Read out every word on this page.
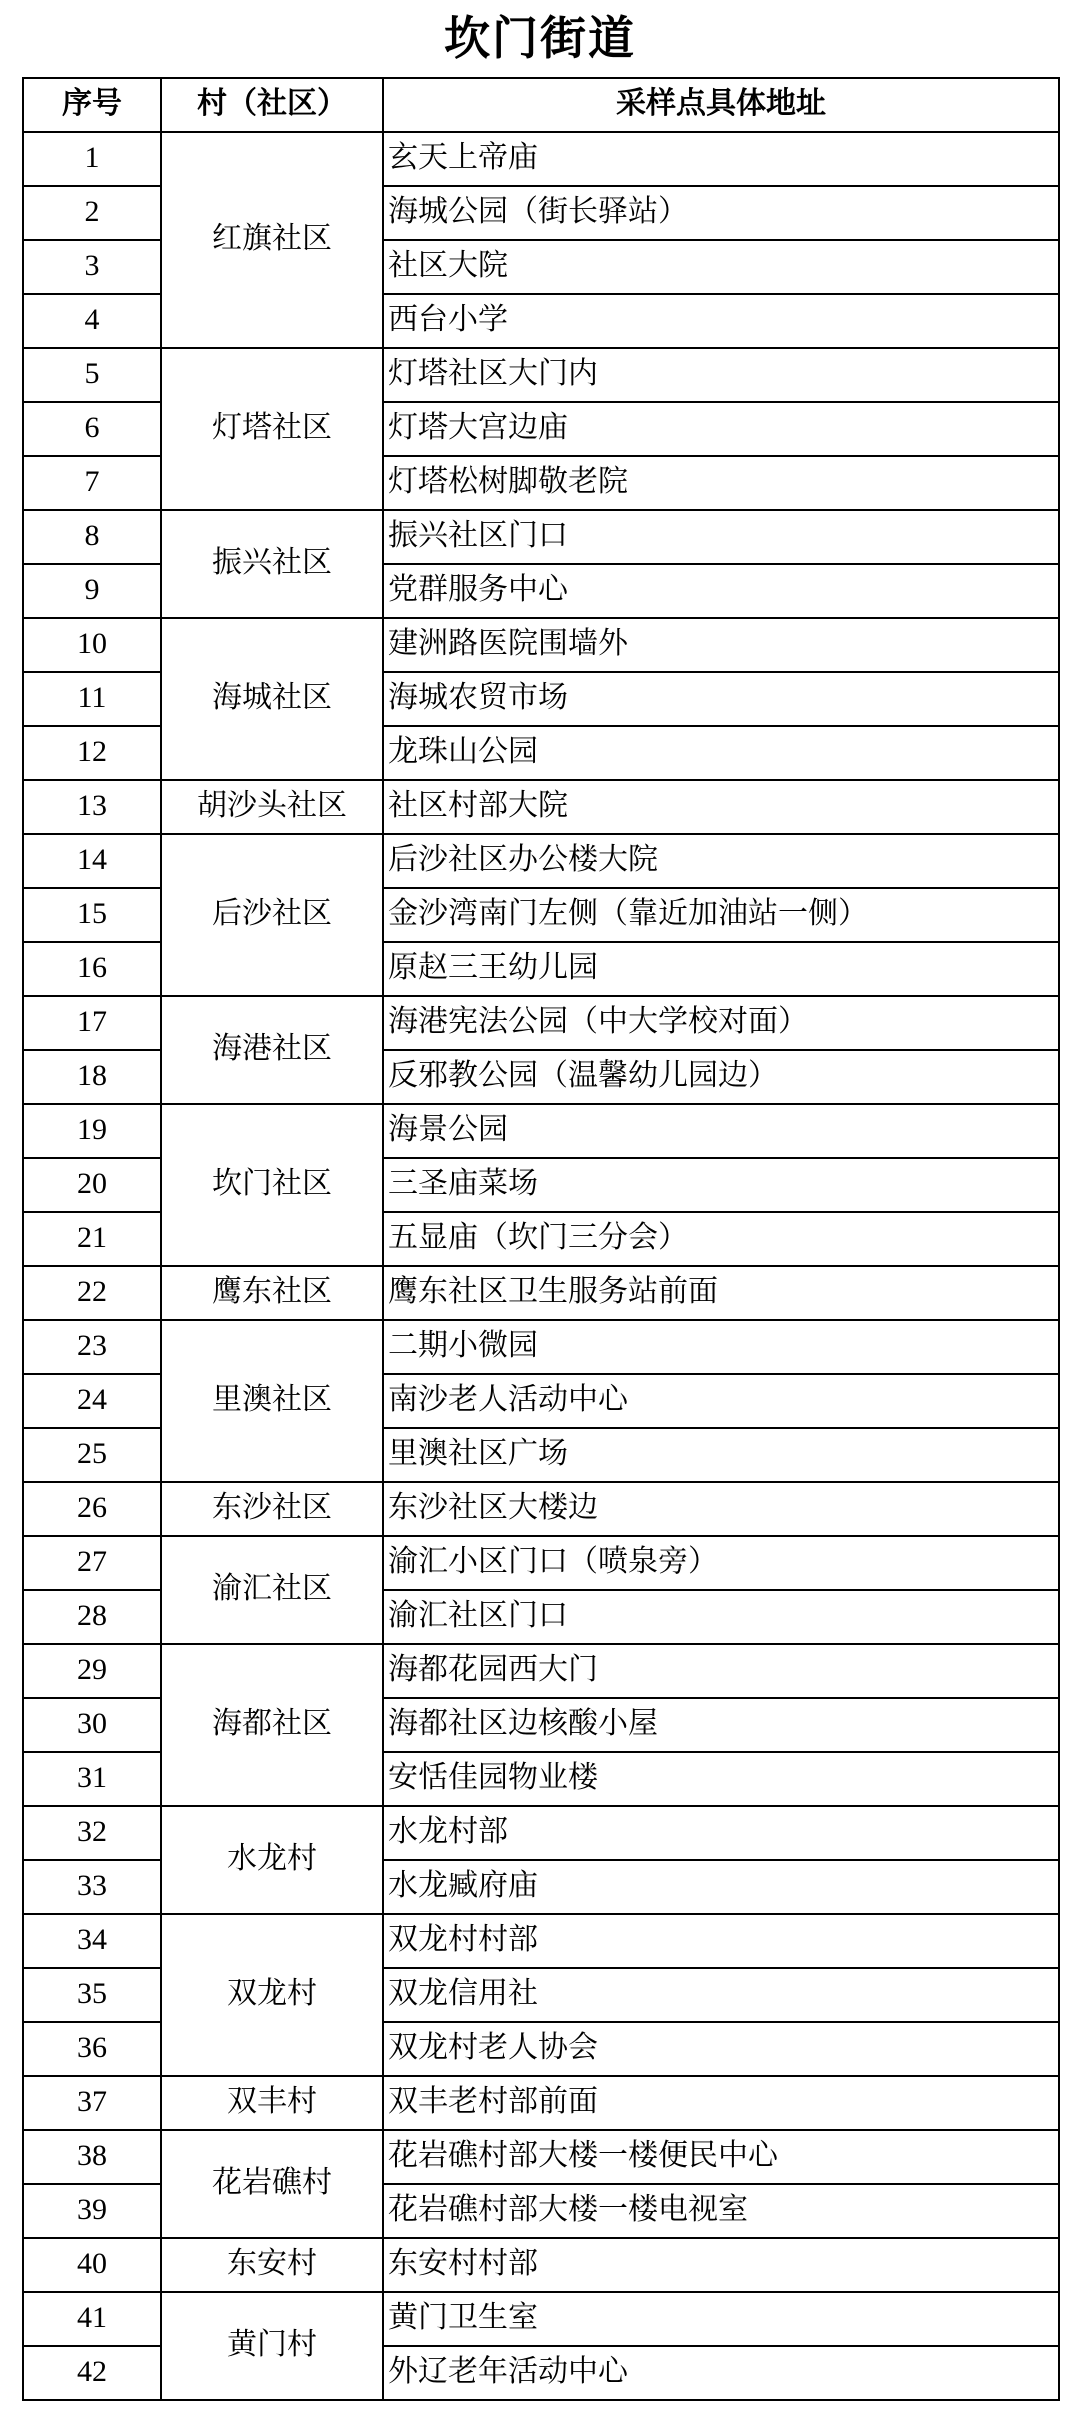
坎门街道
序号	村（社区）	采样点具体地址
1	红旗社区	玄天上帝庙
2		海城公园（街长驿站）
3		社区大院
4		西台小学
5	灯塔社区	灯塔社区大门内
6		灯塔大宫边庙
7		灯塔松树脚敬老院
8	振兴社区	振兴社区门口
9		党群服务中心
10	海城社区	建洲路医院围墙外
11		海城农贸市场
12		龙珠山公园
13	胡沙头社区	社区村部大院
14	后沙社区	后沙社区办公楼大院
15		金沙湾南门左侧（靠近加油站一侧）
16		原赵三王幼儿园
17	海港社区	海港宪法公园（中大学校对面）
18		反邪教公园（温馨幼儿园边）
19	坎门社区	海景公园
20		三圣庙菜场
21		五显庙（坎门三分会）
22	鹰东社区	鹰东社区卫生服务站前面
23	里澳社区	二期小微园
24		南沙老人活动中心
25		里澳社区广场
26	东沙社区	东沙社区大楼边
27	渝汇社区	渝汇小区门口（喷泉旁）
28		渝汇社区门口
29	海都社区	海都花园西大门
30		海都社区边核酸小屋
31		安恬佳园物业楼
32	水龙村	水龙村部
33		水龙臧府庙
34	双龙村	双龙村村部
35		双龙信用社
36		双龙村老人协会
37	双丰村	双丰老村部前面
38	花岩礁村	花岩礁村部大楼一楼便民中心
39		花岩礁村部大楼一楼电视室
40	东安村	东安村村部
41	黄门村	黄门卫生室
42		外辽老年活动中心
